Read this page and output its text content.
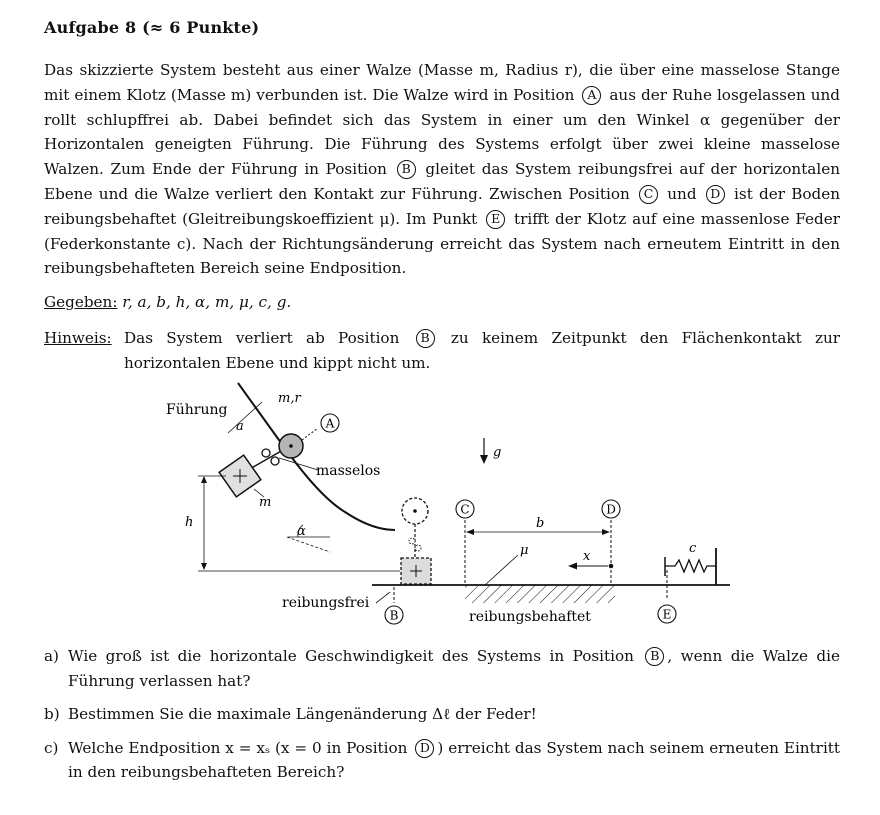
Aufgabe 8 (≈ 6 Punkte)
Das skizzierte System besteht aus einer Walze (Masse m, Radius r), die über eine masselose Stange mit einem Klotz (Masse m) verbunden ist. Die Walze wird in Position A aus der Ruhe losgelassen und rollt schlupffrei ab. Dabei befindet sich das System in einer um den Winkel α gegenüber der Horizontalen geneigten Führung. Die Führung des Systems erfolgt über zwei kleine masselose Walzen. Zum Ende der Führung in Position B gleitet das System reibungsfrei auf der horizontalen Ebene und die Walze verliert den Kontakt zur Führung. Zwischen Position C und D ist der Boden reibungsbehaftet (Gleitreibungskoeffizient μ). Im Punkt E trifft der Klotz auf eine massenlose Feder (Federkonstante c). Nach der Richtungsänderung erreicht das System nach erneutem Eintritt in den reibungsbehafteten Bereich seine Endposition.
Gegeben: r, a, b, h, α, m, μ, c, g.
Hinweis: Das System verliert ab Position B zu keinem Zeitpunkt den Flächenkontakt zur horizontalen Ebene und kippt nicht um.
Führung
a
m,r
A
masselos
m
h
α
g
μ
C	D
b
x
c
E
reibungsfrei
B	reibungsbehaftet
a) Wie groß ist die horizontale Geschwindigkeit des Systems in Position B , wenn die Walze die Führung verlassen hat?
b) Bestimmen Sie die maximale Längenänderung Δℓ der Feder!
c) Welche Endposition x = xₛ (x = 0 in Position D ) erreicht das System nach seinem erneuten Eintritt in den reibungsbehafteten Bereich?
